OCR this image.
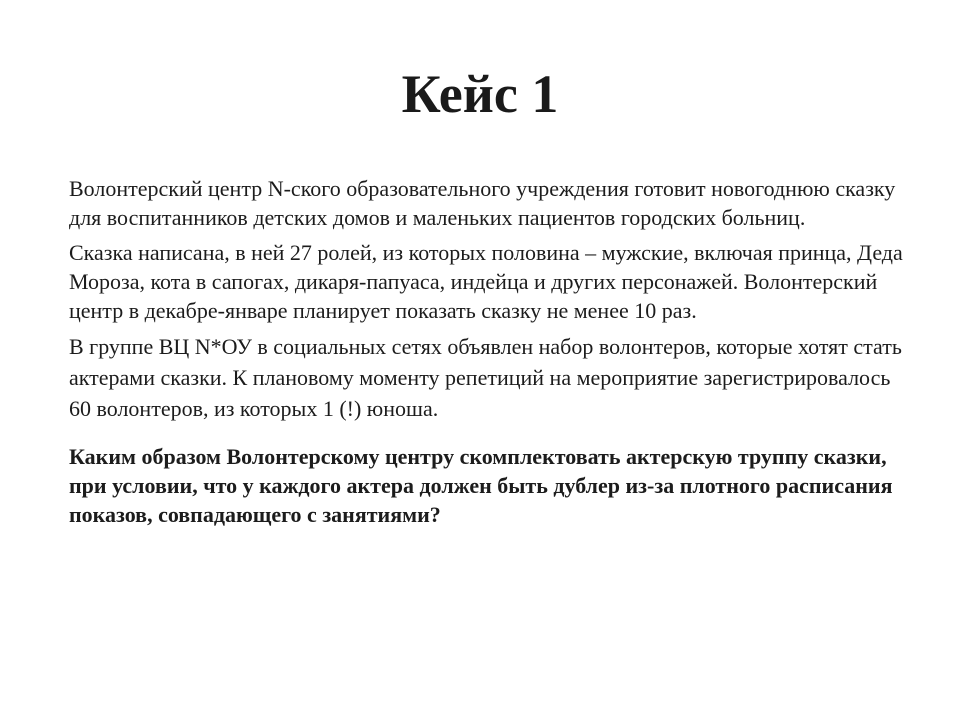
Кейс 1

Волонтерский центр N-ского образовательного учреждения готовит новогоднюю сказку для воспитанников детских домов и маленьких пациентов городских больниц.

Сказка написана, в ней 27 ролей, из которых половина – мужские, включая принца, Деда Мороза, кота в сапогах, дикаря-папуаса, индейца и других персонажей. Волонтерский центр в декабре-январе планирует показать сказку не менее 10 раз.

В группе ВЦ N*ОУ в социальных сетях объявлен набор волонтеров, которые хотят стать актерами сказки. К плановому моменту репетиций на мероприятие зарегистрировалось 60 волонтеров, из которых 1 (!) юноша.

Каким образом Волонтерскому центру скомплектовать актерскую труппу сказки, при условии, что у каждого актера должен быть дублер из-за плотного расписания показов, совпадающего с занятиями?
